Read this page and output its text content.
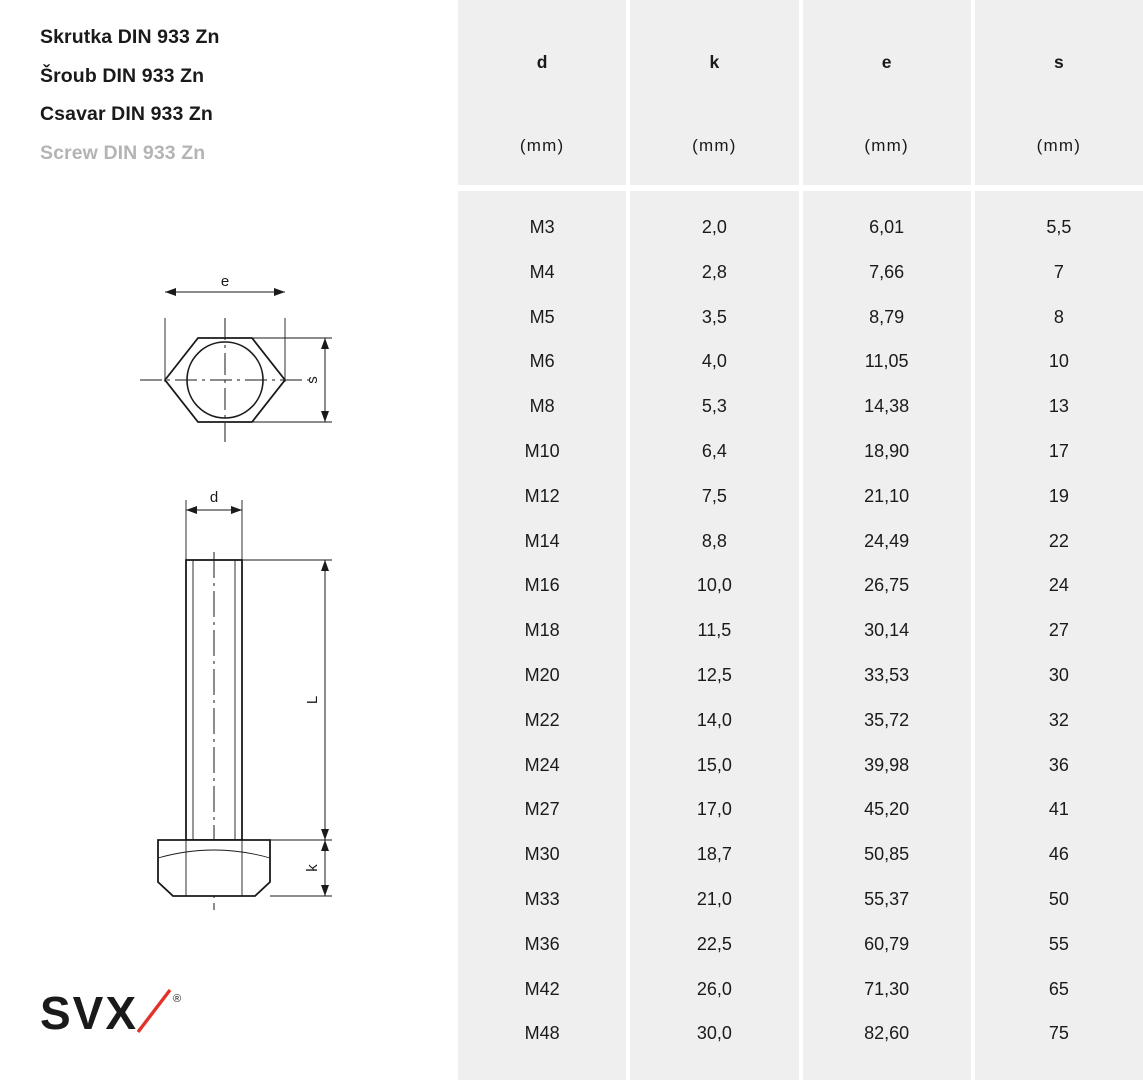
Skrutka DIN 933 Zn
Šroub DIN 933 Zn
Csavar DIN 933 Zn
Screw DIN 933 Zn
e
s
d
L
k
SVX	®
d
(mm)
M3
M4
M5
M6
M8
M10
M12
M14
M16
M18
M20
M22
M24
M27
M30
M33
M36
M42
M48
k
(mm)
2,0
2,8
3,5
4,0
5,3
6,4
7,5
8,8
10,0
11,5
12,5
14,0
15,0
17,0
18,7
21,0
22,5
26,0
30,0
e
(mm)
6,01
7,66
8,79
11,05
14,38
18,90
21,10
24,49
26,75
30,14
33,53
35,72
39,98
45,20
50,85
55,37
60,79
71,30
82,60
s
(mm)
5,5
7
8
10
13
17
19
22
24
27
30
32
36
41
46
50
55
65
75
